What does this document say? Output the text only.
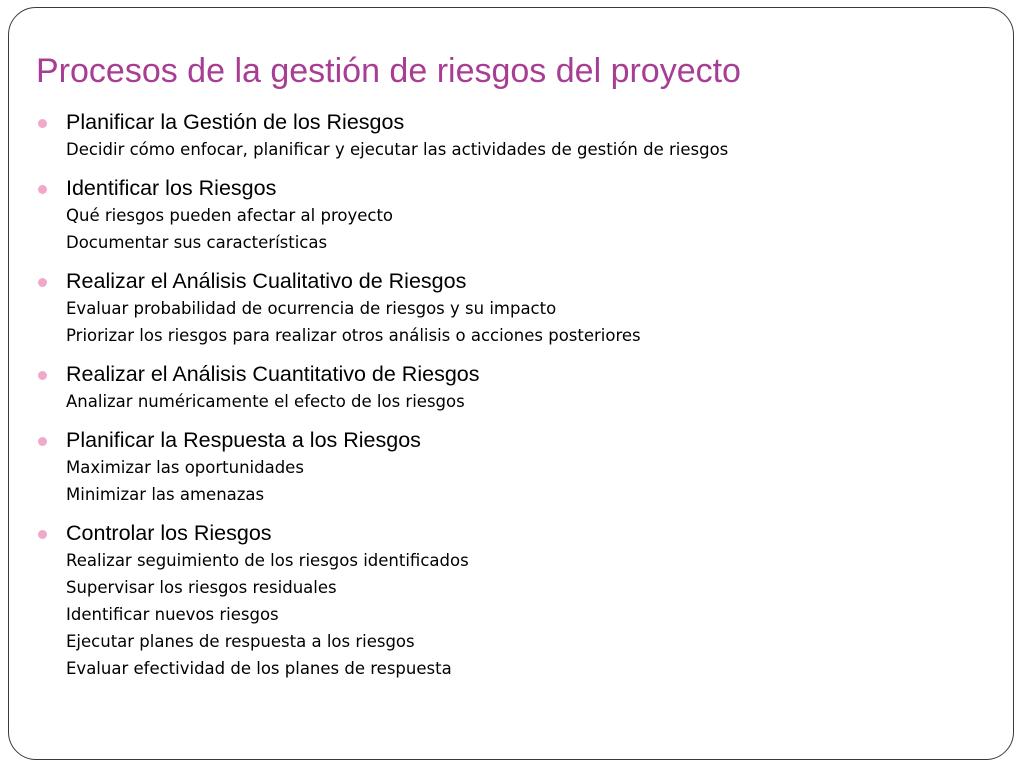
Procesos de la gestión de riesgos del proyecto
Planificar la Gestión de los Riesgos
Decidir cómo enfocar, planificar y ejecutar las actividades de gestión de riesgos
Identificar los Riesgos
Qué riesgos pueden afectar al proyecto
Documentar sus características
Realizar el Análisis Cualitativo de Riesgos
Evaluar probabilidad de ocurrencia de riesgos y su impacto
Priorizar los riesgos para realizar otros análisis o acciones posteriores
Realizar el Análisis Cuantitativo de Riesgos
Analizar numéricamente el efecto de los riesgos
Planificar la Respuesta a los Riesgos
Maximizar las oportunidades
Minimizar las amenazas
Controlar los Riesgos
Realizar seguimiento de los riesgos identificados
Supervisar los riesgos residuales
Identificar nuevos riesgos
Ejecutar planes de respuesta a los riesgos
Evaluar efectividad de los planes de respuesta
